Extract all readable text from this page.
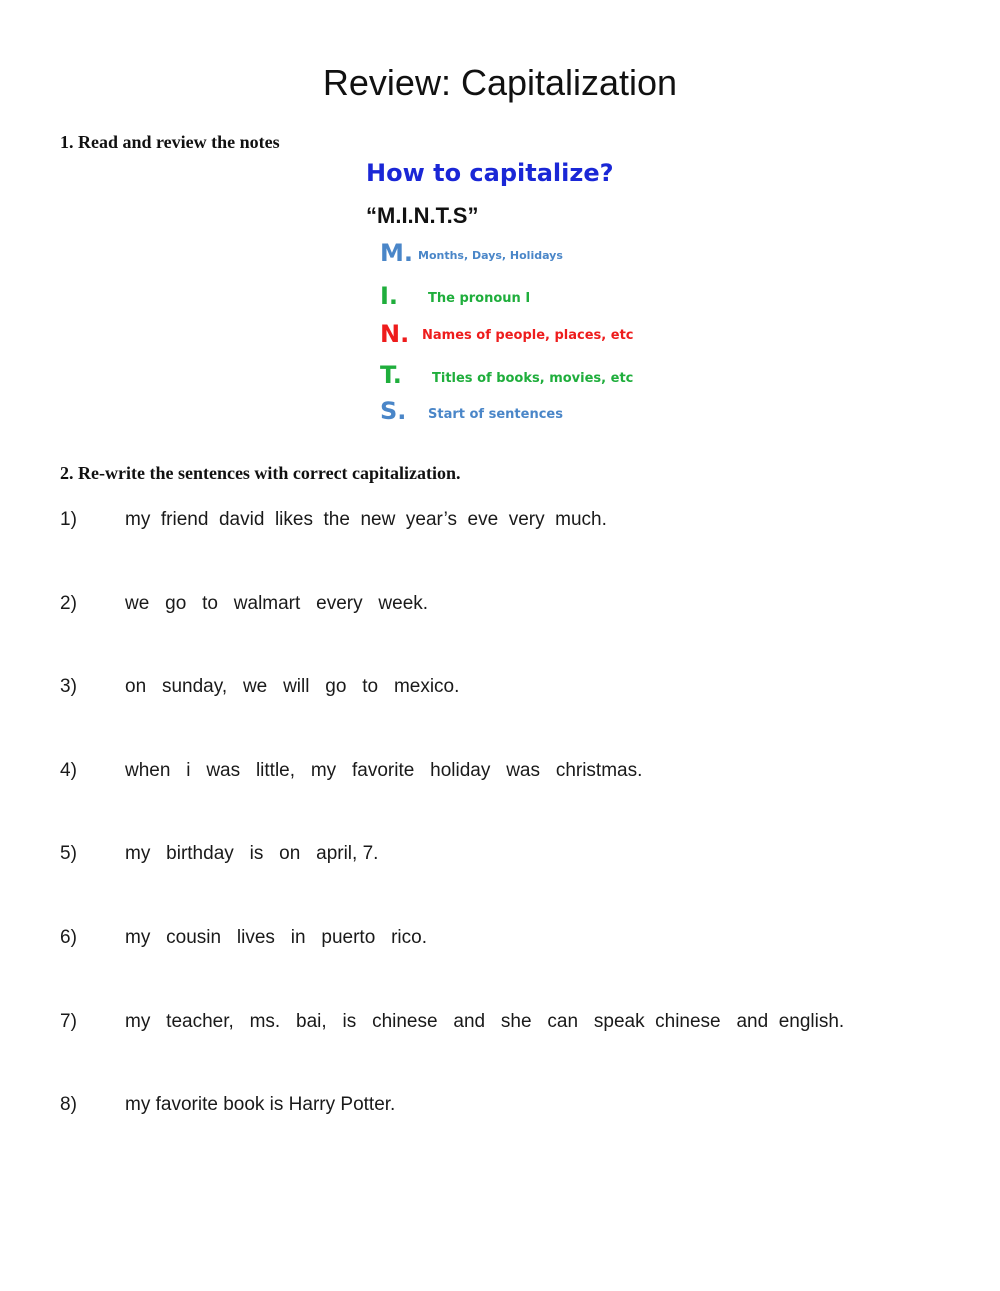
Review: Capitalization
1. Read and review the notes
How to capitalize?
“M.I.N.T.S”
M. Months, Days, Holidays
I. The pronoun I
N. Names of people, places, etc
T. Titles of books, movies, etc
S. Start of sentences
2. Re-write the sentences with correct capitalization.
1)	my  friend  david  likes  the  new  year’s  eve  very  much.
2)	we   go   to   walmart   every   week.
3)	on   sunday,   we   will   go   to   mexico.
4)	when   i   was   little,   my   favorite   holiday   was   christmas.
5)	my   birthday   is   on   april, 7.
6)	my   cousin   lives   in   puerto   rico.
7)	my   teacher,   ms.   bai,   is   chinese   and   she   can   speak  chinese   and  english.
8)	my favorite book is Harry Potter.
